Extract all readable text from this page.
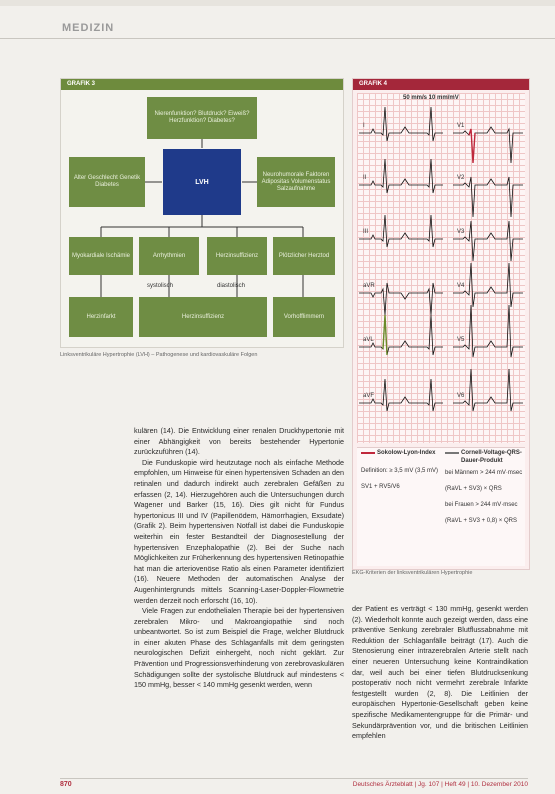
MEDIZIN
GRAFIK 3
Nierenfunktion? Blutdruck? Eiweiß? Herzfunktion? Diabetes?
Alter Geschlecht Genetik Diabetes	LVH
Neurohumorale Faktoren Adipositas Volumenstatus Salzaufnahme
Myokardiale Ischämie	Arrhythmien	Herzinsuffizienz	Plötzlicher Herztod
systolisch	diastolisch
Herzinfarkt	Herzinsuffizienz	Vorhofflimmern
Linksventrikuläre Hypertrophie (LVH) – Pathogenese und kardiovaskuläre Folgen
GRAFIK 4
50 mm/s 10 mm/mV
I
II
III
aVR
aVL
aVF
V1
V2
V3
V4
V5
V6
Sokolow-Lyon-Index
Definition: ≥ 3,5 mV (3,5 mV)
SV1 + RV5/V6
Cornell-Voltage-QRS-Dauer-Produkt
bei Männern > 244 mV·msec
(RaVL + SV3) × QRS
bei Frauen > 244 mV·msec
(RaVL + SV3 + 0,8) × QRS
EKG-Kriterien der linksventrikulären Hypertrophie

kulären (14). Die Entwicklung einer renalen Druckhypertonie mit einer Abhängigkeit von bereits bestehender Hypertonie zurückzuführen (14).

Die Funduskopie wird heutzutage noch als einfache Methode empfohlen, um Hinweise für einen hypertensiven Schaden an den retinalen und dadurch indirekt auch zerebralen Gefäßen zu erfassen (2, 14). Hierzugehören auch die Untersuchungen durch Wagener und Barker (15, 16). Dies gilt nicht für Fundus hypertonicus III und IV (Papillenödem, Hämorrhagien, Exsudate) (Grafik 2). Beim hypertensiven Notfall ist dabei die Funduskopie weiterhin ein fester Bestandteil der Diagnosestellung der hypertensiven Enzephalopathie (2). Bei der Suche nach Möglichkeiten zur Früherkennung des hypertensiven Retinopathie hat man die arteriovenöse Ratio als einen Parameter identifiziert (16). Neuere Methoden der automatischen Analyse der Augenhintergrunds mittels Scanning-Laser-Doppler-Flowmetrie werden derzeit noch erforscht (16, 10).

Viele Fragen zur endothelialen Therapie bei der hypertensiven zerebralen Mikro- und Makroangiopathie sind noch unbeantwortet. So ist zum Beispiel die Frage, welcher Blutdruck in einer akuten Phase des Schlaganfalls mit dem geringsten neurologischen Defizit einhergeht, noch nicht geklärt. Zur Prävention und Progressionsverhinderung von zerebrovaskulären Schädigungen sollte der systolische Blutdruck auf mindestens < 150 mmHg, besser < 140 mmHg gesenkt werden, wenn

der Patient es verträgt < 130 mmHg, gesenkt werden (2). Wiederholt konnte auch gezeigt werden, dass eine präventive Senkung zerebraler Blutflussabnahme mit Reduktion der Schlaganfälle beiträgt (17). Auch die Stenosierung einer intrazerebralen Arterie stellt nach einer neueren Untersuchung keine Kontraindikation dar, weil auch bei einer tiefen Blutdrucksenkung postoperativ noch nicht vermehrt zerebrale Infarkte festgestellt wurden (2, 8). Die Leitlinien der europäischen Hypertonie-Gesellschaft geben keine spezifische Medikamentengruppe für die Primär- und Sekundärprävention vor, und die britischen Leitlinien empfehlen

870	Deutsches Ärzteblatt | Jg. 107 | Heft 49 | 10. Dezember 2010
